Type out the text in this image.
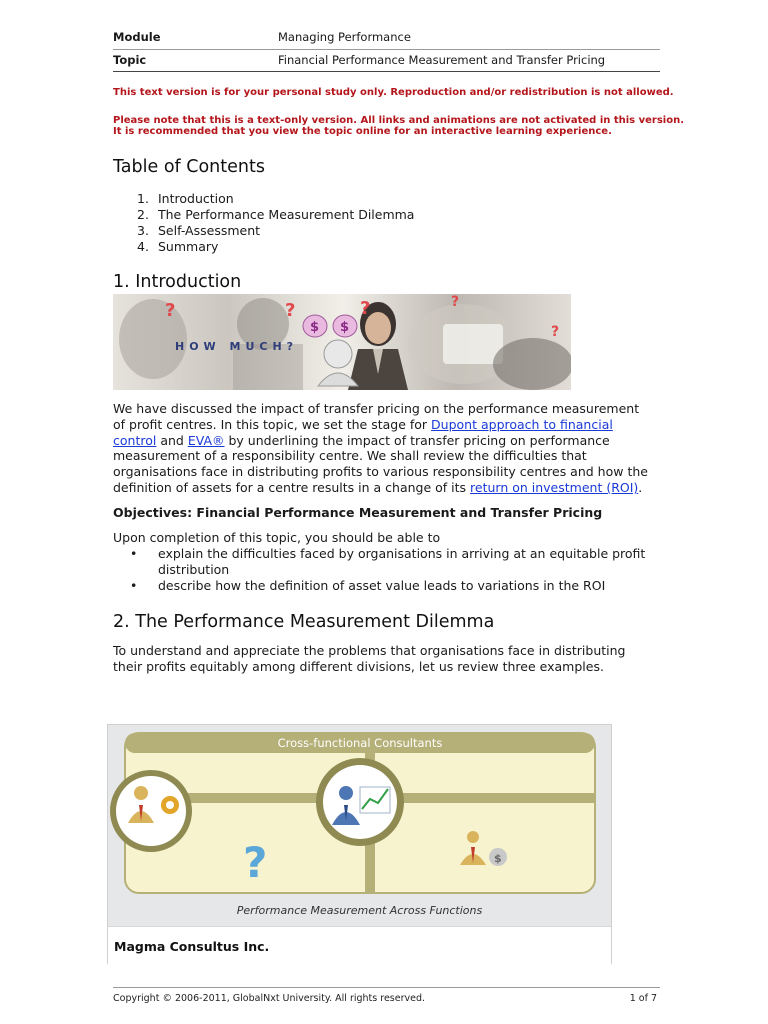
Module	Managing Performance
Topic	Financial Performance Measurement and Transfer Pricing
This text version is for your personal study only. Reproduction and/or redistribution is not allowed.
Please note that this is a text-only version. All links and animations are not activated in this version.
It is recommended that you view the topic online for an interactive learning experience.
Table of Contents
1. Introduction
2. The Performance Measurement Dilemma
3. Self-Assessment
4. Summary
1. Introduction
$ $
?	?	?	?
?
HOW MUCH?
We have discussed the impact of transfer pricing on the performance measurement
of profit centres. In this topic, we set the stage for Dupont approach to financial
control and EVA® by underlining the impact of transfer pricing on performance
measurement of a responsibility centre. We shall review the difficulties that
organisations face in distributing profits to various responsibility centres and how the
definition of assets for a centre results in a change of its return on investment (ROI).
Objectives: Financial Performance Measurement and Transfer Pricing
Upon completion of this topic, you should be able to
• explain the difficulties faced by organisations in arriving at an equitable profit
distribution
• describe how the definition of asset value leads to variations in the ROI
2. The Performance Measurement Dilemma
To understand and appreciate the problems that organisations face in distributing
their profits equitably among different divisions, let us review three examples.
?	$
Cross-functional Consultants
Performance Measurement Across Functions
Magma Consultus Inc.
Copyright © 2006-2011, GlobalNxt University. All rights reserved.	1 of 7
